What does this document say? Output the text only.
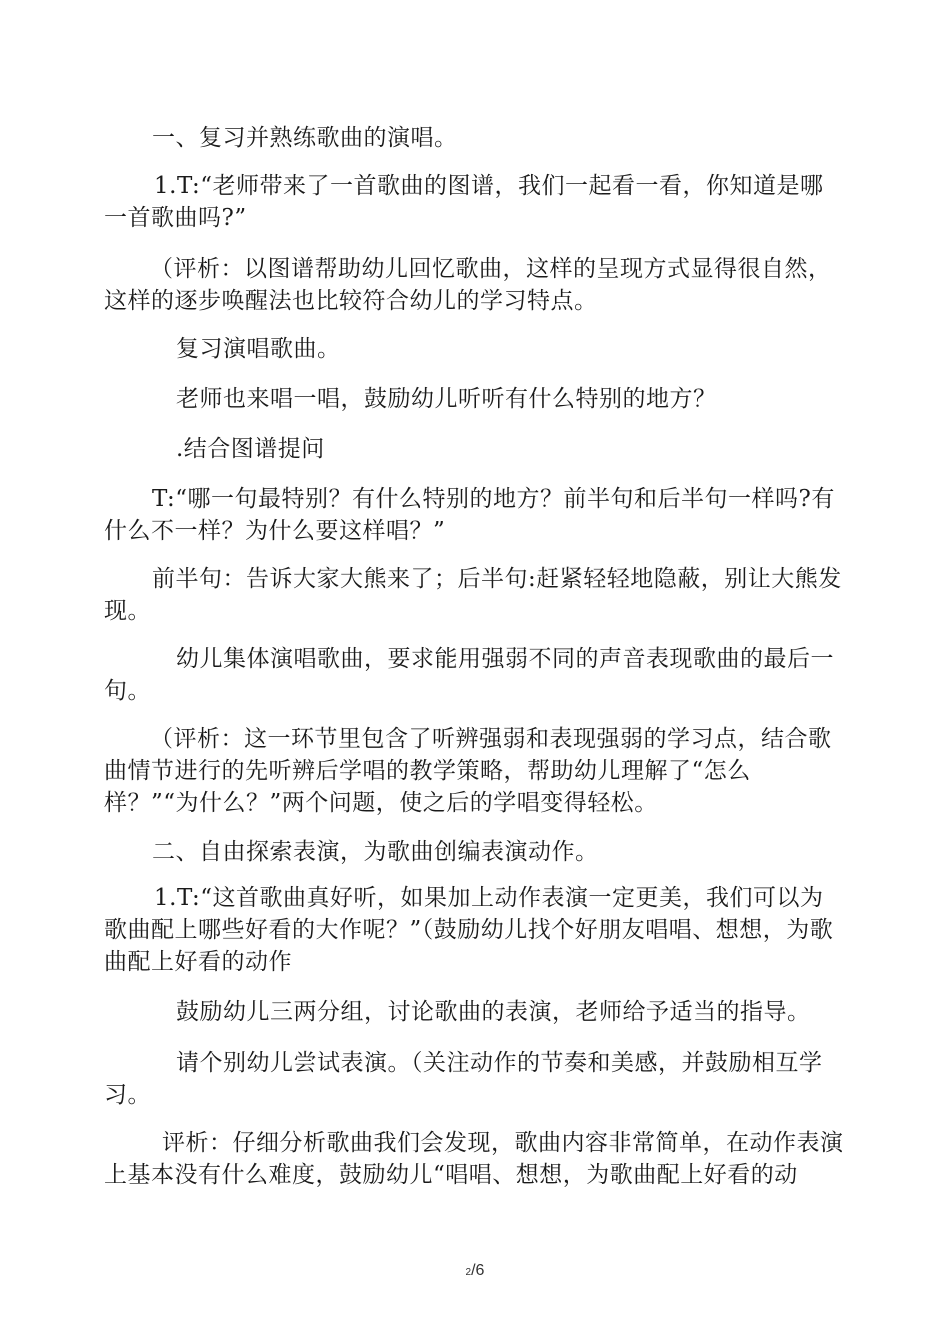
一、复习并熟练歌曲的演唱。
1.T:“老师带来了一首歌曲的图谱，我们一起看一看，你知道是哪一首歌曲吗?”
（评析：以图谱帮助幼儿回忆歌曲，这样的呈现方式显得很自然，这样的逐步唤醒法也比较符合幼儿的学习特点。
复习演唱歌曲。
老师也来唱一唱，鼓励幼儿听听有什么特别的地方？
.结合图谱提问
T:“哪一句最特别？有什么特别的地方？前半句和后半句一样吗?有什么不一样？为什么要这样唱？”
前半句：告诉大家大熊来了；后半句:赶紧轻轻地隐蔽，别让大熊发现。
幼儿集体演唱歌曲，要求能用强弱不同的声音表现歌曲的最后一句。
（评析：这一环节里包含了听辨强弱和表现强弱的学习点，结合歌曲情节进行的先听辨后学唱的教学策略，帮助幼儿理解了“怎么样？”“为什么？”两个问题，使之后的学唱变得轻松。
二、自由探索表演，为歌曲创编表演动作。
1.T:“这首歌曲真好听，如果加上动作表演一定更美，我们可以为歌曲配上哪些好看的大作呢？”（鼓励幼儿找个好朋友唱唱、想想，为歌曲配上好看的动作
鼓励幼儿三两分组，讨论歌曲的表演，老师给予适当的指导。
请个别幼儿尝试表演。（关注动作的节奏和美感，并鼓励相互学习。
评析：仔细分析歌曲我们会发现，歌曲内容非常简单，在动作表演上基本没有什么难度，鼓励幼儿“唱唱、想想，为歌曲配上好看的动
2/6
